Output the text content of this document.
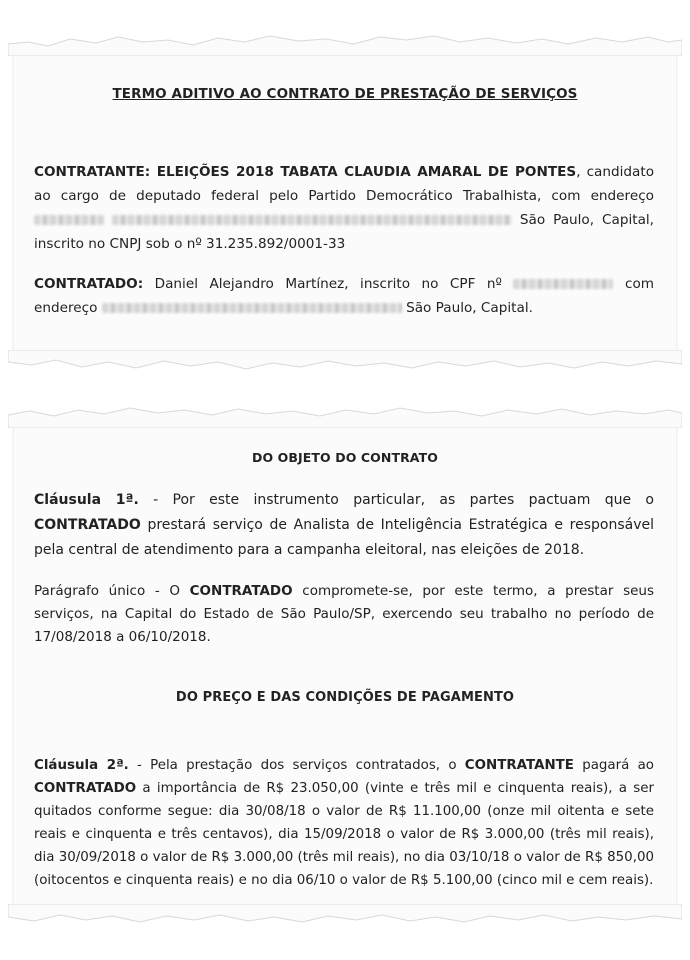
TERMO ADITIVO AO CONTRATO DE PRESTAÇÃO DE SERVIÇOS
CONTRATANTE: ELEIÇÕES 2018 TABATA CLAUDIA AMARAL DE PONTES, candidato ao cargo de deputado federal pelo Partido Democrático Trabalhista, com endereço   São Paulo, Capital, inscrito no CNPJ sob o nº 31.235.892/0001-33
CONTRATADO: Daniel Alejandro Martínez, inscrito no CPF nº	com endereço	São Paulo, Capital.
DO OBJETO DO CONTRATO
Cláusula 1ª. - Por este instrumento particular, as partes pactuam que o CONTRATADO prestará serviço de Analista de Inteligência Estratégica e responsável pela central de atendimento para a campanha eleitoral, nas eleições de 2018.
Parágrafo único - O CONTRATADO compromete-se, por este termo, a prestar seus serviços, na Capital do Estado de São Paulo/SP, exercendo seu trabalho no período de 17/08/2018 a 06/10/2018.
DO PREÇO E DAS CONDIÇÕES DE PAGAMENTO
Cláusula 2ª. - Pela prestação dos serviços contratados, o CONTRATANTE pagará ao CONTRATADO a importância de R$ 23.050,00 (vinte e três mil e cinquenta reais), a ser quitados conforme segue: dia 30/08/18 o valor de R$ 11.100,00 (onze mil oitenta e sete reais e cinquenta e três centavos), dia 15/09/2018 o valor de R$ 3.000,00 (três mil reais), dia 30/09/2018 o valor de R$ 3.000,00 (três mil reais), no dia 03/10/18 o valor de R$ 850,00 (oitocentos e cinquenta reais) e no dia 06/10 o valor de R$ 5.100,00 (cinco mil e cem reais).
